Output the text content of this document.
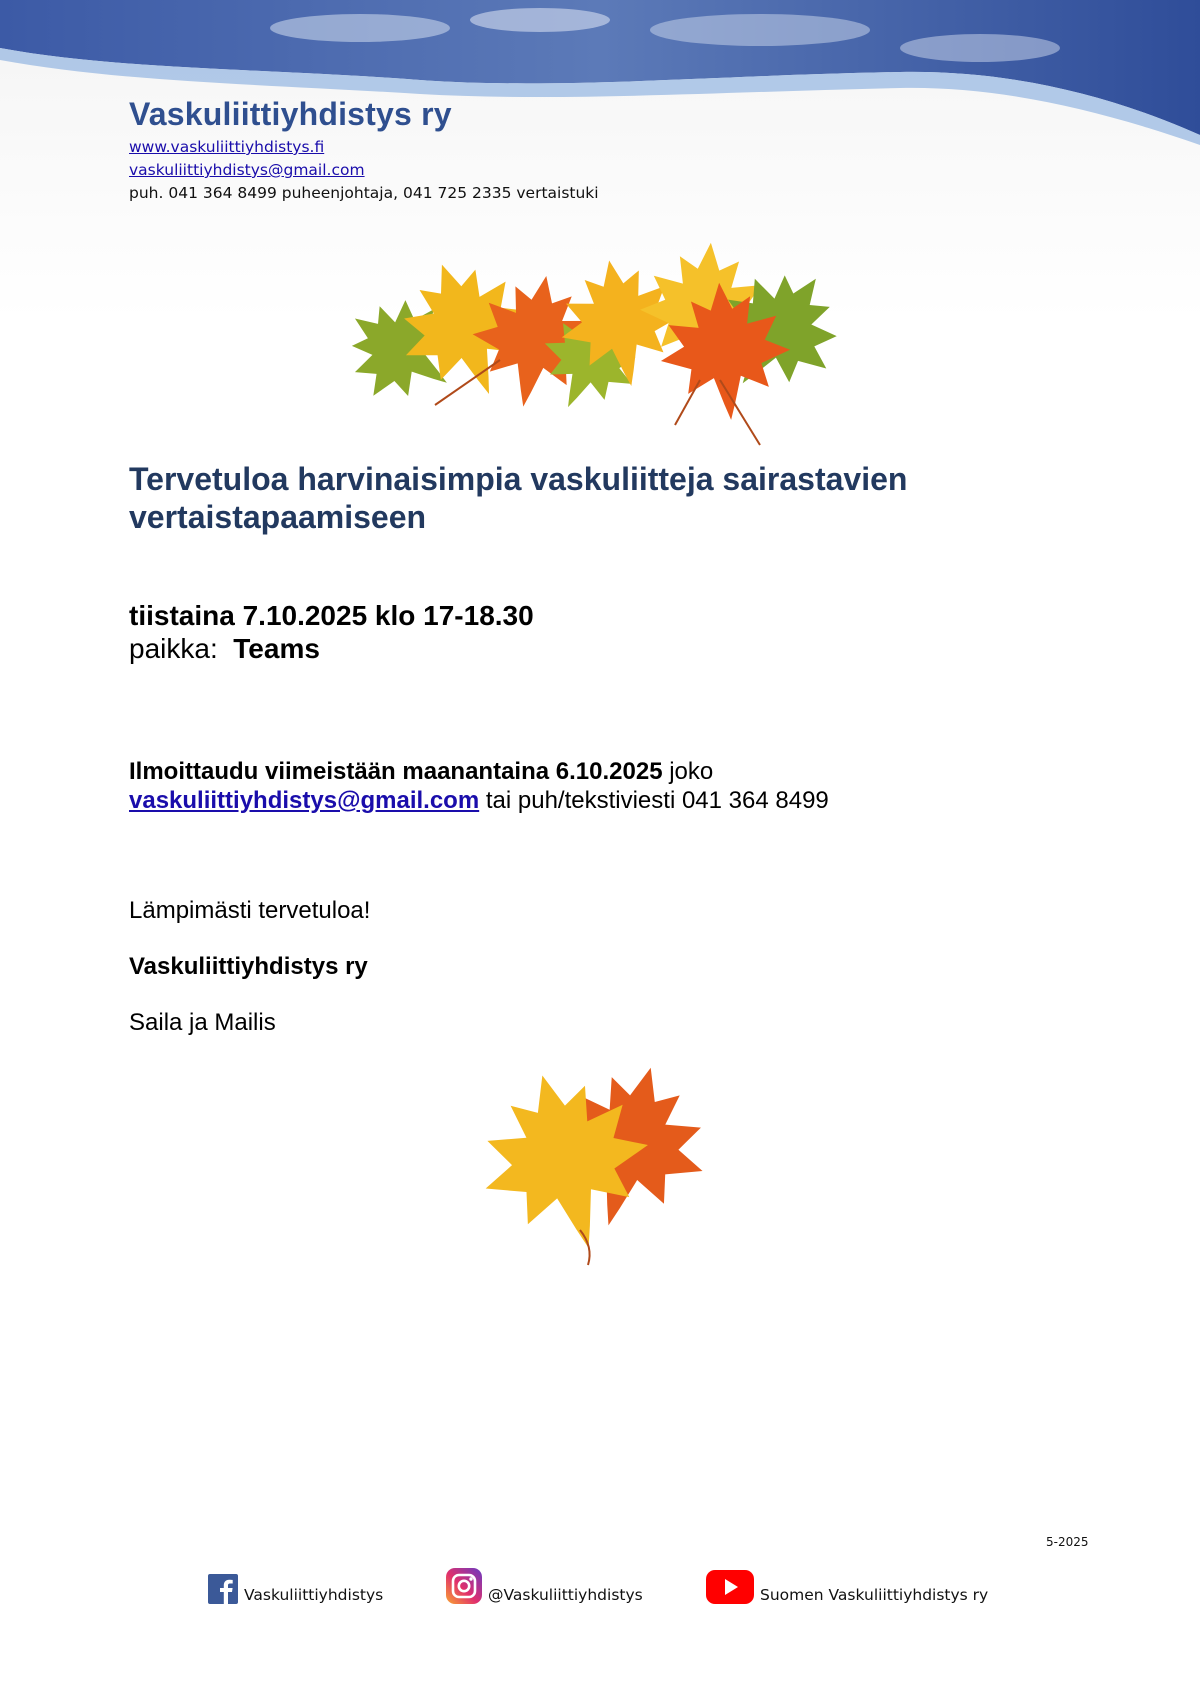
Vaskuliittiyhdistys ry
www.vaskuliittiyhdistys.fi
vaskuliittiyhdistys@gmail.com
puh. 041 364 8499 puheenjohtaja, 041 725 2335 vertaistuki
Tervetuloa harvinaisimpia vaskuliitteja sairastavien vertaistapaamiseen
tiistaina 7.10.2025 klo 17-18.30
paikka: Teams
Ilmoittaudu viimeistään maanantaina 6.10.2025 joko
vaskuliittiyhdistys@gmail.com tai puh/tekstiviesti 041 364 8499
Lämpimästi tervetuloa!
Vaskuliittiyhdistys ry
Saila ja Mailis
5-2025
Vaskuliittiyhdistys	@Vaskuliittiyhdistys	Suomen Vaskuliittiyhdistys ry
